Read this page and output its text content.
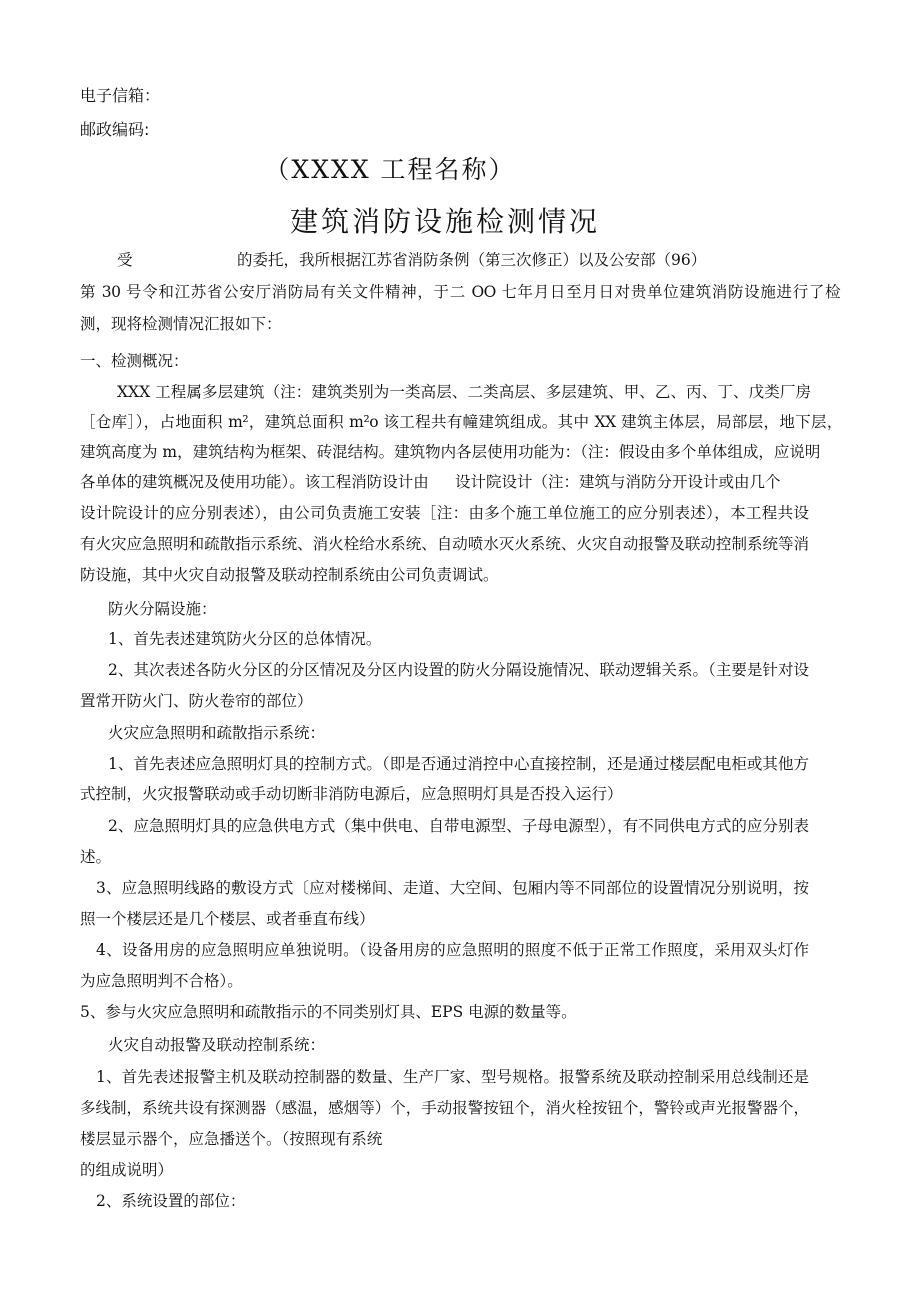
电子信箱：
邮政编码:
（XXXX 工程名称）
建筑消防设施检测情况
受	的委托，我所根据江苏省消防条例（第三次修正）以及公安部（96）
第 30 号令和江苏省公安厅消防局有关文件精神，于二 OO 七年月日至月日对贵单位建筑消防设施进行了检
测，现将检测情况汇报如下：
一、检测概况：
XXX 工程属多层建筑（注：建筑类别为一类高层、二类高层、多层建筑、甲、乙、丙、丁、戊类厂房
［仓库］），占地面积 m²，建筑总面积 m²o 该工程共有幢建筑组成。其中 XX 建筑主体层，局部层，地下层，
建筑高度为 m，建筑结构为框架、砖混结构。建筑物内各层使用功能为：（注：假设由多个单体组成，应说明
各单体的建筑概况及使用功能）。该工程消防设计由 设计院设计（注：建筑与消防分开设计或由几个
设计院设计的应分别表述），由公司负责施工安装［注：由多个施工单位施工的应分别表述），本工程共设
有火灾应急照明和疏散指示系统、消火栓给水系统、自动喷水灭火系统、火灾自动报警及联动控制系统等消
防设施，其中火灾自动报警及联动控制系统由公司负责调试。
防火分隔设施：
1、首先表述建筑防火分区的总体情况。
2、其次表述各防火分区的分区情况及分区内设置的防火分隔设施情况、联动逻辑关系。（主要是针对设
置常开防火门、防火卷帘的部位）
火灾应急照明和疏散指示系统：
1、首先表述应急照明灯具的控制方式。（即是否通过消控中心直接控制，还是通过楼层配电柜或其他方
式控制，火灾报警联动或手动切断非消防电源后，应急照明灯具是否投入运行）
2、应急照明灯具的应急供电方式（集中供电、自带电源型、子母电源型），有不同供电方式的应分别表
述。
3、应急照明线路的敷设方式〔应对楼梯间、走道、大空间、包厢内等不同部位的设置情况分别说明，按
照一个楼层还是几个楼层、或者垂直布线）
4、设备用房的应急照明应单独说明。（设备用房的应急照明的照度不低于正常工作照度，采用双头灯作
为应急照明判不合格）。
5、参与火灾应急照明和疏散指示的不同类别灯具、EPS 电源的数量等。
火灾自动报警及联动控制系统：
1、首先表述报警主机及联动控制器的数量、生产厂家、型号规格。报警系统及联动控制采用总线制还是
多线制，系统共设有探测器（感温，感烟等）个，手动报警按钮个，消火栓按钮个，警铃或声光报警器个，
楼层显示器个，应急播送个。（按照现有系统
的组成说明）
2、系统设置的部位：
